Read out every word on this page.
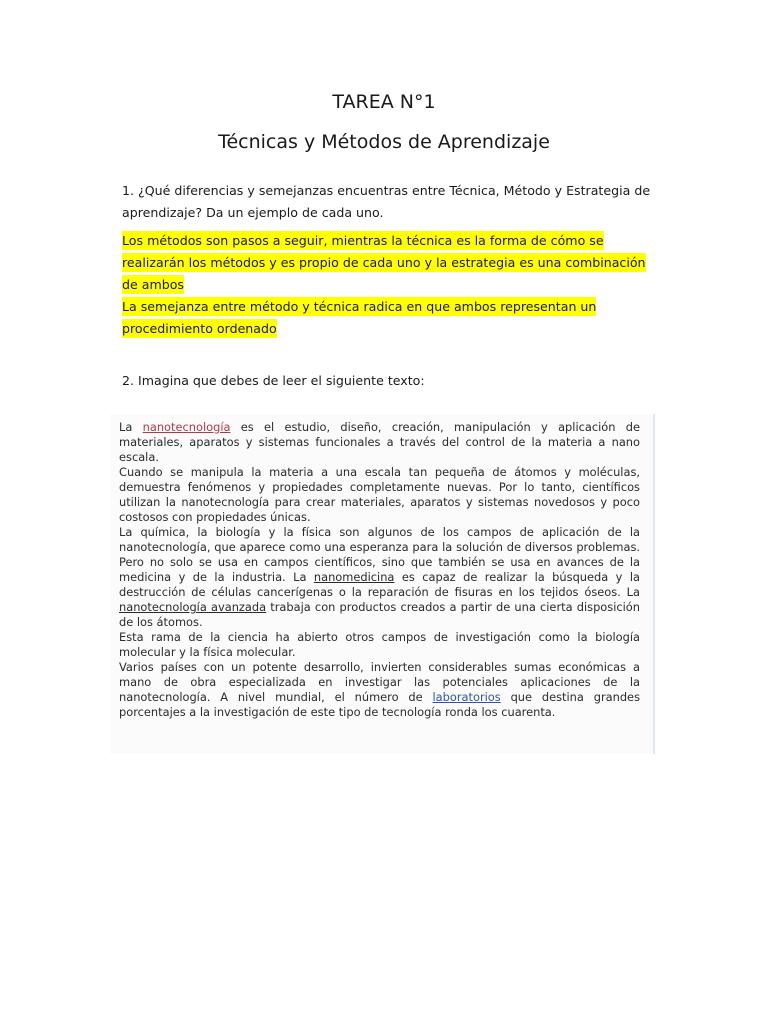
TAREA N°1
Técnicas y Métodos de Aprendizaje
1. ¿Qué diferencias y semejanzas encuentras entre Técnica, Método y Estrategia de aprendizaje? Da un ejemplo de cada uno.
Los métodos son pasos a seguir, mientras la técnica es la forma de cómo se realizarán los métodos y es propio de cada uno y la estrategia es una combinación de ambos
La semejanza entre método y técnica radica en que ambos representan un procedimiento ordenado
2. Imagina que debes de leer el siguiente texto:

La nanotecnología es el estudio, diseño, creación, manipulación y aplicación de materiales, aparatos y sistemas funcionales a través del control de la materia a nano escala.

Cuando se manipula la materia a una escala tan pequeña de átomos y moléculas, demuestra fenómenos y propiedades completamente nuevas. Por lo tanto, científicos utilizan la nanotecnología para crear materiales, aparatos y sistemas novedosos y poco costosos con propiedades únicas.

La química, la biología y la física son algunos de los campos de aplicación de la nanotecnología, que aparece como una esperanza para la solución de diversos problemas. Pero no solo se usa en campos científicos, sino que también se usa en avances de la medicina y de la industria. La nanomedicina es capaz de realizar la búsqueda y la destrucción de células cancerígenas o la reparación de fisuras en los tejidos óseos. La nanotecnología avanzada trabaja con productos creados a partir de una cierta disposición de los átomos.

Esta rama de la ciencia ha abierto otros campos de investigación como la biología molecular y la física molecular.

Varios países con un potente desarrollo, invierten considerables sumas económicas a mano de obra especializada en investigar las potenciales aplicaciones de la nanotecnología. A nivel mundial, el número de laboratorios que destina grandes porcentajes a la investigación de este tipo de tecnología ronda los cuarenta.
